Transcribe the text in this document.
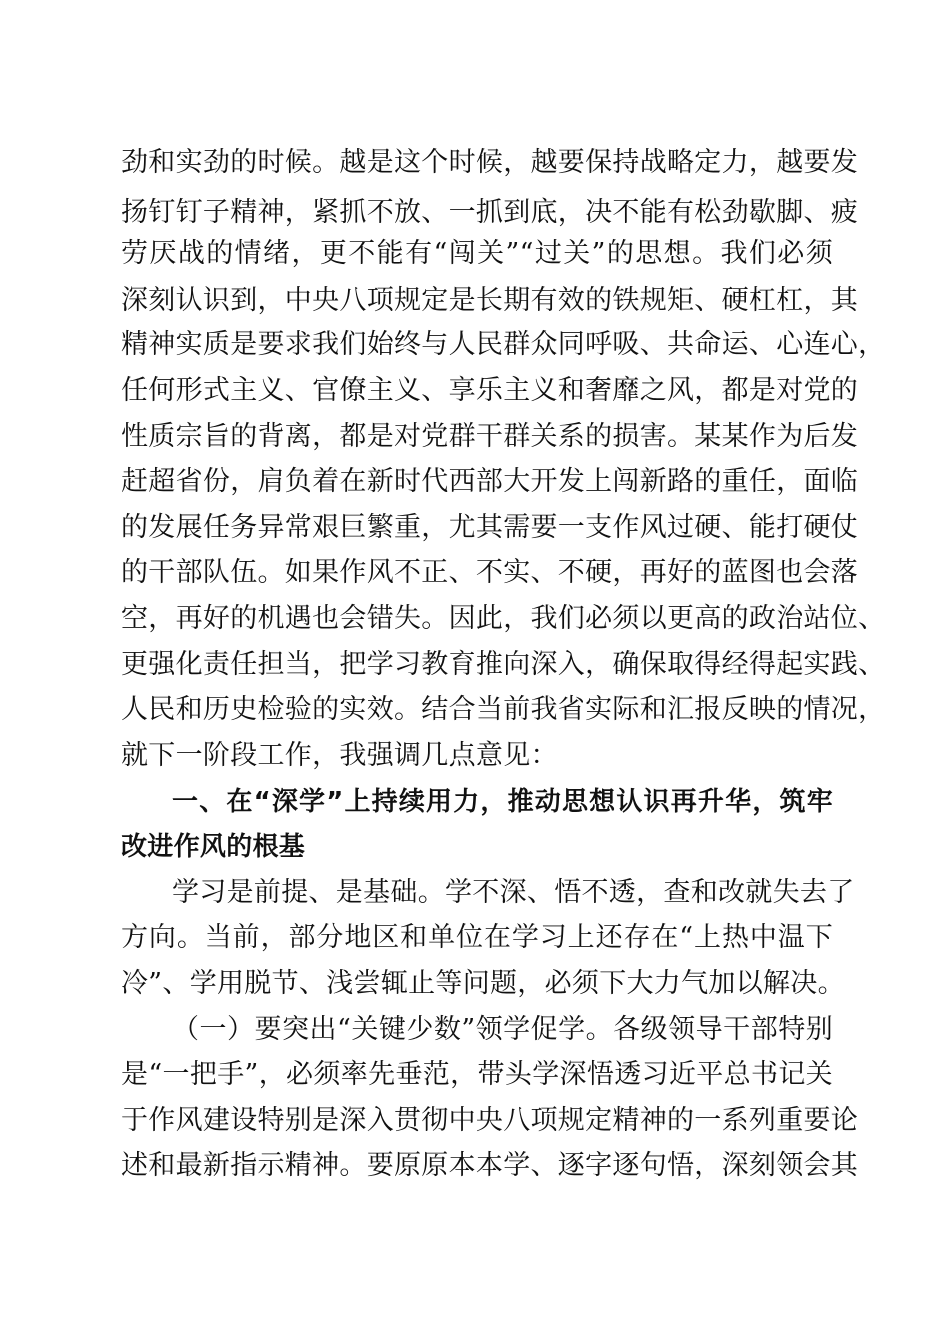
劲和实劲的时候。越是这个时候，越要保持战略定力，越要发
扬钉钉子精神，紧抓不放、一抓到底，决不能有松劲歇脚、疲
劳厌战的情绪，更不能有“闯关”“过关”的思想。我们必须
深刻认识到，中央八项规定是长期有效的铁规矩、硬杠杠，其
精神实质是要求我们始终与人民群众同呼吸、共命运、心连心，
任何形式主义、官僚主义、享乐主义和奢靡之风，都是对党的
性质宗旨的背离，都是对党群干群关系的损害。某某作为后发
赶超省份，肩负着在新时代西部大开发上闯新路的重任，面临
的发展任务异常艰巨繁重，尤其需要一支作风过硬、能打硬仗
的干部队伍。如果作风不正、不实、不硬，再好的蓝图也会落
空，再好的机遇也会错失。因此，我们必须以更高的政治站位、
更强化责任担当，把学习教育推向深入，确保取得经得起实践、
人民和历史检验的实效。结合当前我省实际和汇报反映的情况，
就下一阶段工作，我强调几点意见：
一、在“深学”上持续用力，推动思想认识再升华，筑牢
改进作风的根基
学习是前提、是基础。学不深、悟不透，查和改就失去了
方向。当前，部分地区和单位在学习上还存在“上热中温下
冷”、学用脱节、浅尝辄止等问题，必须下大力气加以解决。
（一）要突出“关键少数”领学促学。各级领导干部特别
是“一把手”，必须率先垂范，带头学深悟透习近平总书记关
于作风建设特别是深入贯彻中央八项规定精神的一系列重要论
述和最新指示精神。要原原本本学、逐字逐句悟，深刻领会其
